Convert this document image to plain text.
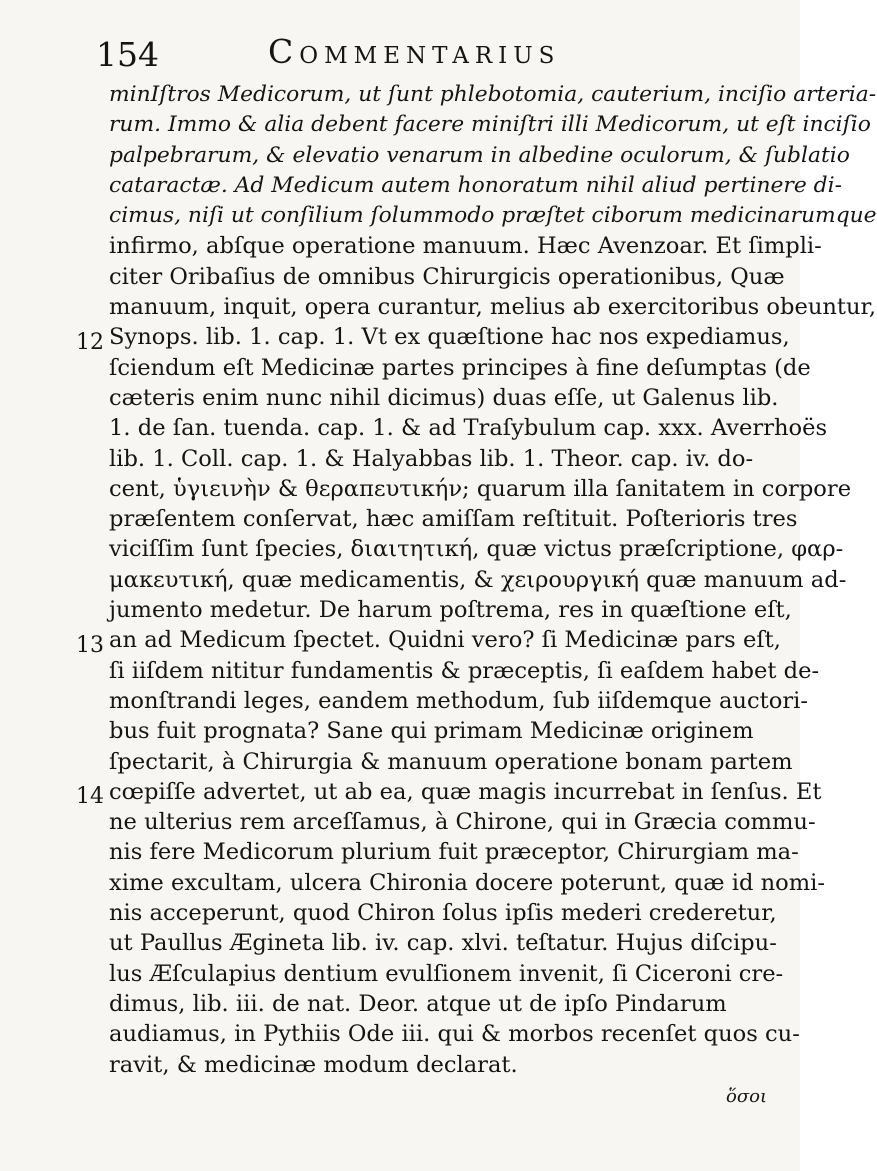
154	Commentarius
minIſtros Medicorum, ut ſunt phlebotomia, cauterium, inciſio arteria-
rum. Immo & alia debent facere miniſtri illi Medicorum, ut eſt inciſio
palpebrarum, & elevatio venarum in albedine oculorum, & ſublatio
cataractæ. Ad Medicum autem honoratum nihil aliud pertinere di-
cimus, niſi ut conſilium ſolummodo præſtet ciborum medicinarumque
infirmo, abſque operatione manuum. Hæc Avenzoar. Et ſimpli-
citer Oribaſius de omnibus Chirurgicis operationibus, Quæ
manuum, inquit, opera curantur, melius ab exercitoribus obeuntur,
Synops. lib. 1. cap. 1. Vt ex quæſtione hac nos expediamus,
ſciendum eſt Medicinæ partes principes à fine deſumptas (de
cæteris enim nunc nihil dicimus) duas eſſe, ut Galenus lib.
1. de ſan. tuenda. cap. 1. & ad Traſybulum cap. xxx. Averrhoës
lib. 1. Coll. cap. 1. & Halyabbas lib. 1. Theor. cap. iv. do-
cent, ὑγιεινὴν & θεραπευτικήν; quarum illa ſanitatem in corpore
præſentem conſervat, hæc amiſſam reſtituit. Poſterioris tres
viciſſim ſunt ſpecies, διαιτητική, quæ victus præſcriptione, φαρ-
μακευτική, quæ medicamentis, & χειρουργική quæ manuum ad-
jumento medetur. De harum poſtrema, res in quæſtione eſt,
an ad Medicum ſpectet. Quidni vero? ſi Medicinæ pars eſt,
ſi iiſdem nititur fundamentis & præceptis, ſi eaſdem habet de-
monſtrandi leges, eandem methodum, ſub iiſdemque auctori-
bus fuit prognata? Sane qui primam Medicinæ originem
ſpectarit, à Chirurgia & manuum operatione bonam partem
cœpiſſe advertet, ut ab ea, quæ magis incurrebat in ſenſus. Et
ne ulterius rem arceſſamus, à Chirone, qui in Græcia commu-
nis fere Medicorum plurium fuit præceptor, Chirurgiam ma-
xime excultam, ulcera Chironia docere poterunt, quæ id nomi-
nis acceperunt, quod Chiron ſolus ipſis mederi crederetur,
ut Paullus Ægineta lib. iv. cap. xlvi. teſtatur. Hujus diſcipu-
lus Æſculapius dentium evulſionem invenit, ſi Ciceroni cre-
dimus, lib. iii. de nat. Deor. atque ut de ipſo Pindarum
audiamus, in Pythiis Ode iii. qui & morbos recenſet quos cu-
ravit, & medicinæ modum declarat.
12
13
14
ὅσοι
